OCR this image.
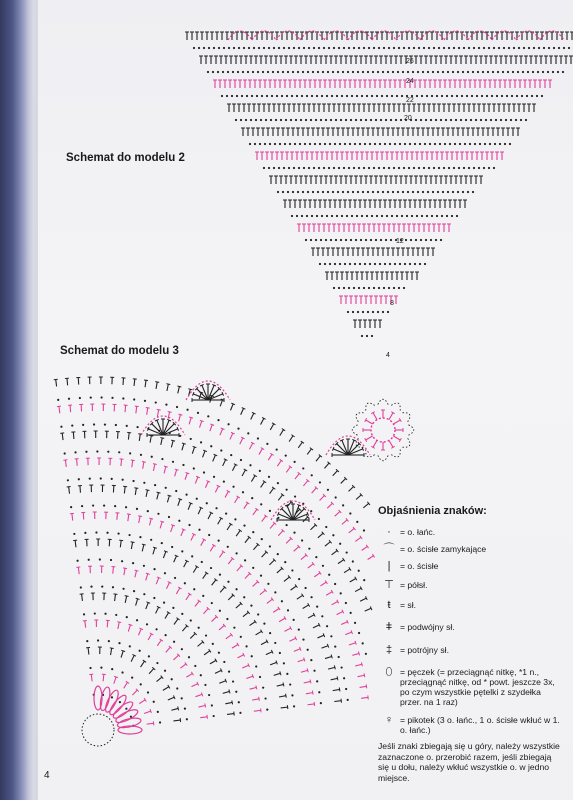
Schemat do modelu 2
Schemat do modelu 3
26
24
22
20
12
8
4
Objaśnienia znaków:
·	= o. łańc.
⌒ = o. ścisłe zamykające
|	= o. ścisłe
⊤ = półsł.
ŧ	= sł.
ǂ = podwójny sł.
‡ = potrójny sł.
⬯ = pęczek (= przeciągnąć nitkę, *1 n., przeciągnąć nitkę, od * powt. jeszcze 3x, po czym wszystkie pętelki z szydełka przer. na 1 raz)
♀ = pikotek (3 o. łańc., 1 o. ścisłe wkłuć w 1. o. łańc.)
Jeśli znaki zbiegają się u góry, należy wszystkie zaznaczone o. przerobić razem, jeśli zbiegają się u dołu, należy wkłuć wszystkie o. w jedno miejsce.
4
